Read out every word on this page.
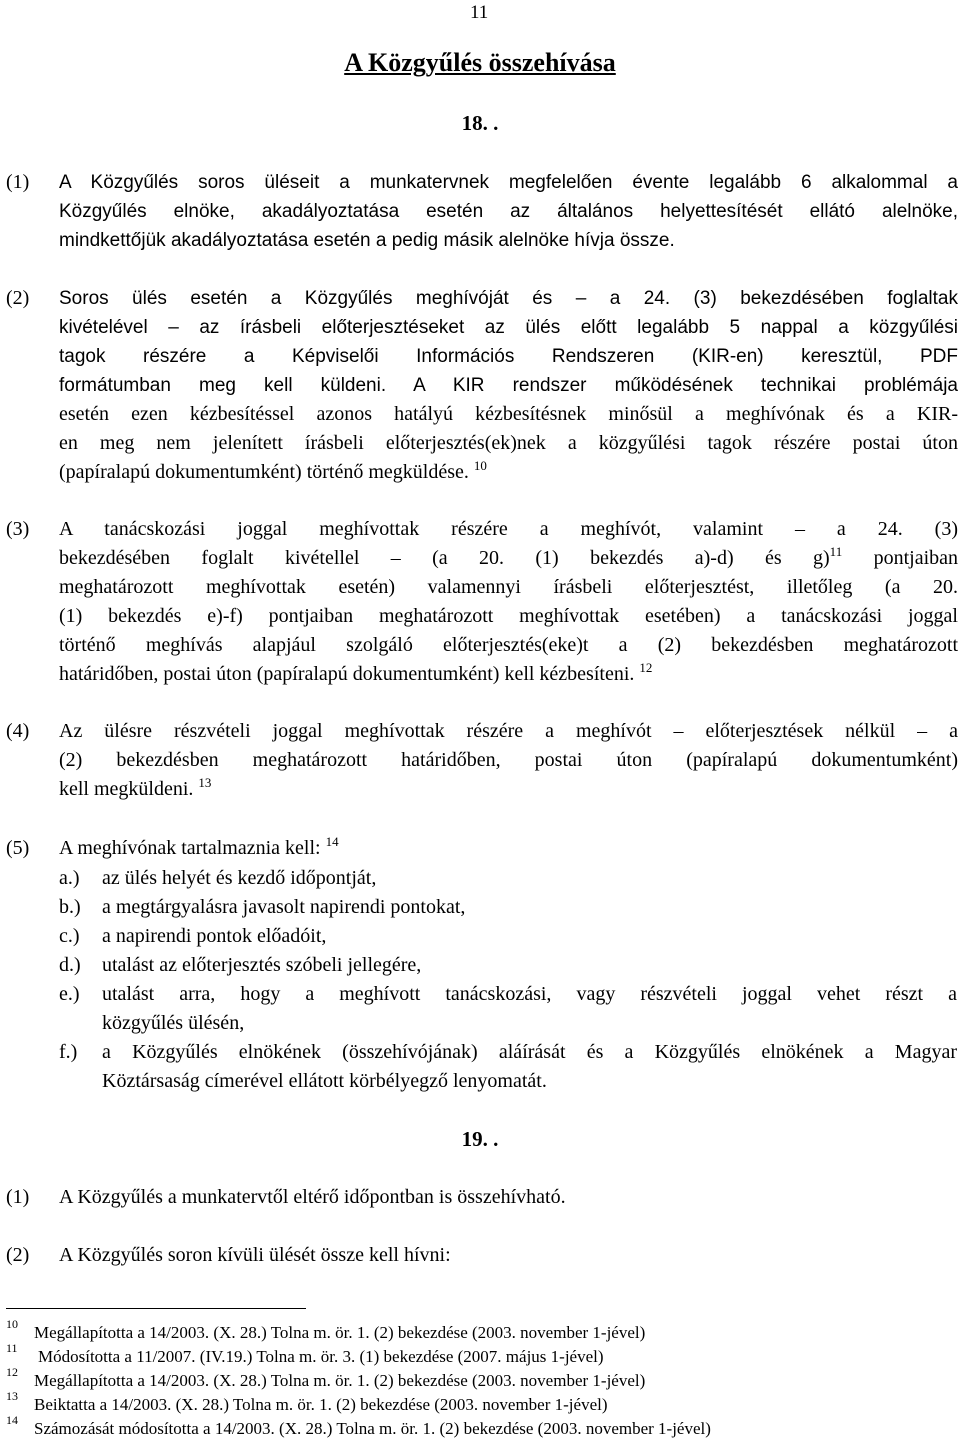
11
A Közgyűlés összehívása
18. .
(1) A Közgyűlés soros üléseit a munkatervnek megfelelően évente legalább 6 alkalommal a
Közgyűlés elnöke, akadályoztatása esetén az általános helyettesítését ellátó alelnöke,
mindkettőjük akadályoztatása esetén a pedig másik alelnöke hívja össze.
(2) Soros ülés esetén a Közgyűlés meghívóját és – a 24. (3) bekezdésében foglaltak
kivételével – az írásbeli előterjesztéseket az ülés előtt legalább 5 nappal a közgyűlési
tagok részére a Képviselői Információs Rendszeren (KIR-en) keresztül, PDF
formátumban meg kell küldeni. A KIR rendszer működésének technikai problémája
esetén ezen kézbesítéssel azonos hatályú kézbesítésnek minősül a meghívónak és a KIR-
en meg nem jelenített írásbeli előterjesztés(ek)nek a közgyűlési tagok részére postai úton
(papíralapú dokumentumként) történő megküldése. $^{10}$
(3) A tanácskozási joggal meghívottak részére a meghívót, valamint – a 24. (3)
bekezdésében foglalt kivétellel – (a 20. (1) bekezdés a)-d) és g)$^{11}$ pontjaiban
meghatározott meghívottak esetén) valamennyi írásbeli előterjesztést, illetőleg (a 20.
(1) bekezdés e)-f) pontjaiban meghatározott meghívottak esetében) a tanácskozási joggal
történő meghívás alapjául szolgáló előterjesztés(eke)t a (2) bekezdésben meghatározott
határidőben, postai úton (papíralapú dokumentumként) kell kézbesíteni. $^{12}$
(4) Az ülésre részvételi joggal meghívottak részére a meghívót – előterjesztések nélkül – a
(2) bekezdésben meghatározott határidőben, postai úton (papíralapú dokumentumként)
kell megküldeni. $^{13}$
(5) A meghívónak tartalmaznia kell: $^{14}$
a.) az ülés helyét és kezdő időpontját,
b.) a megtárgyalásra javasolt napirendi pontokat,
c.) a napirendi pontok előadóit,
d.) utalást az előterjesztés szóbeli jellegére,
e.) utalást arra, hogy a meghívott tanácskozási, vagy részvételi joggal vehet részt a
közgyűlés ülésén,
f.) a Közgyűlés elnökének (összehívójának) aláírását és a Közgyűlés elnökének a Magyar
Köztársaság címerével ellátott körbélyegző lenyomatát.
19. .
(1) A Közgyűlés a munkatervtől eltérő időpontban is összehívható.
(2) A Közgyűlés soron kívüli ülését össze kell hívni:
10 Megállapította a 14/2003. (X. 28.) Tolna m. ör. 1. (2) bekezdése (2003. november 1-jével)
11 Módosította a 11/2007. (IV.19.) Tolna m. ör. 3. (1) bekezdése (2007. május 1-jével)
12 Megállapította a 14/2003. (X. 28.) Tolna m. ör. 1. (2) bekezdése (2003. november 1-jével)
13 Beiktatta a 14/2003. (X. 28.) Tolna m. ör. 1. (2) bekezdése (2003. november 1-jével)
14 Számozását módosította a 14/2003. (X. 28.) Tolna m. ör. 1. (2) bekezdése (2003. november 1-jével)
